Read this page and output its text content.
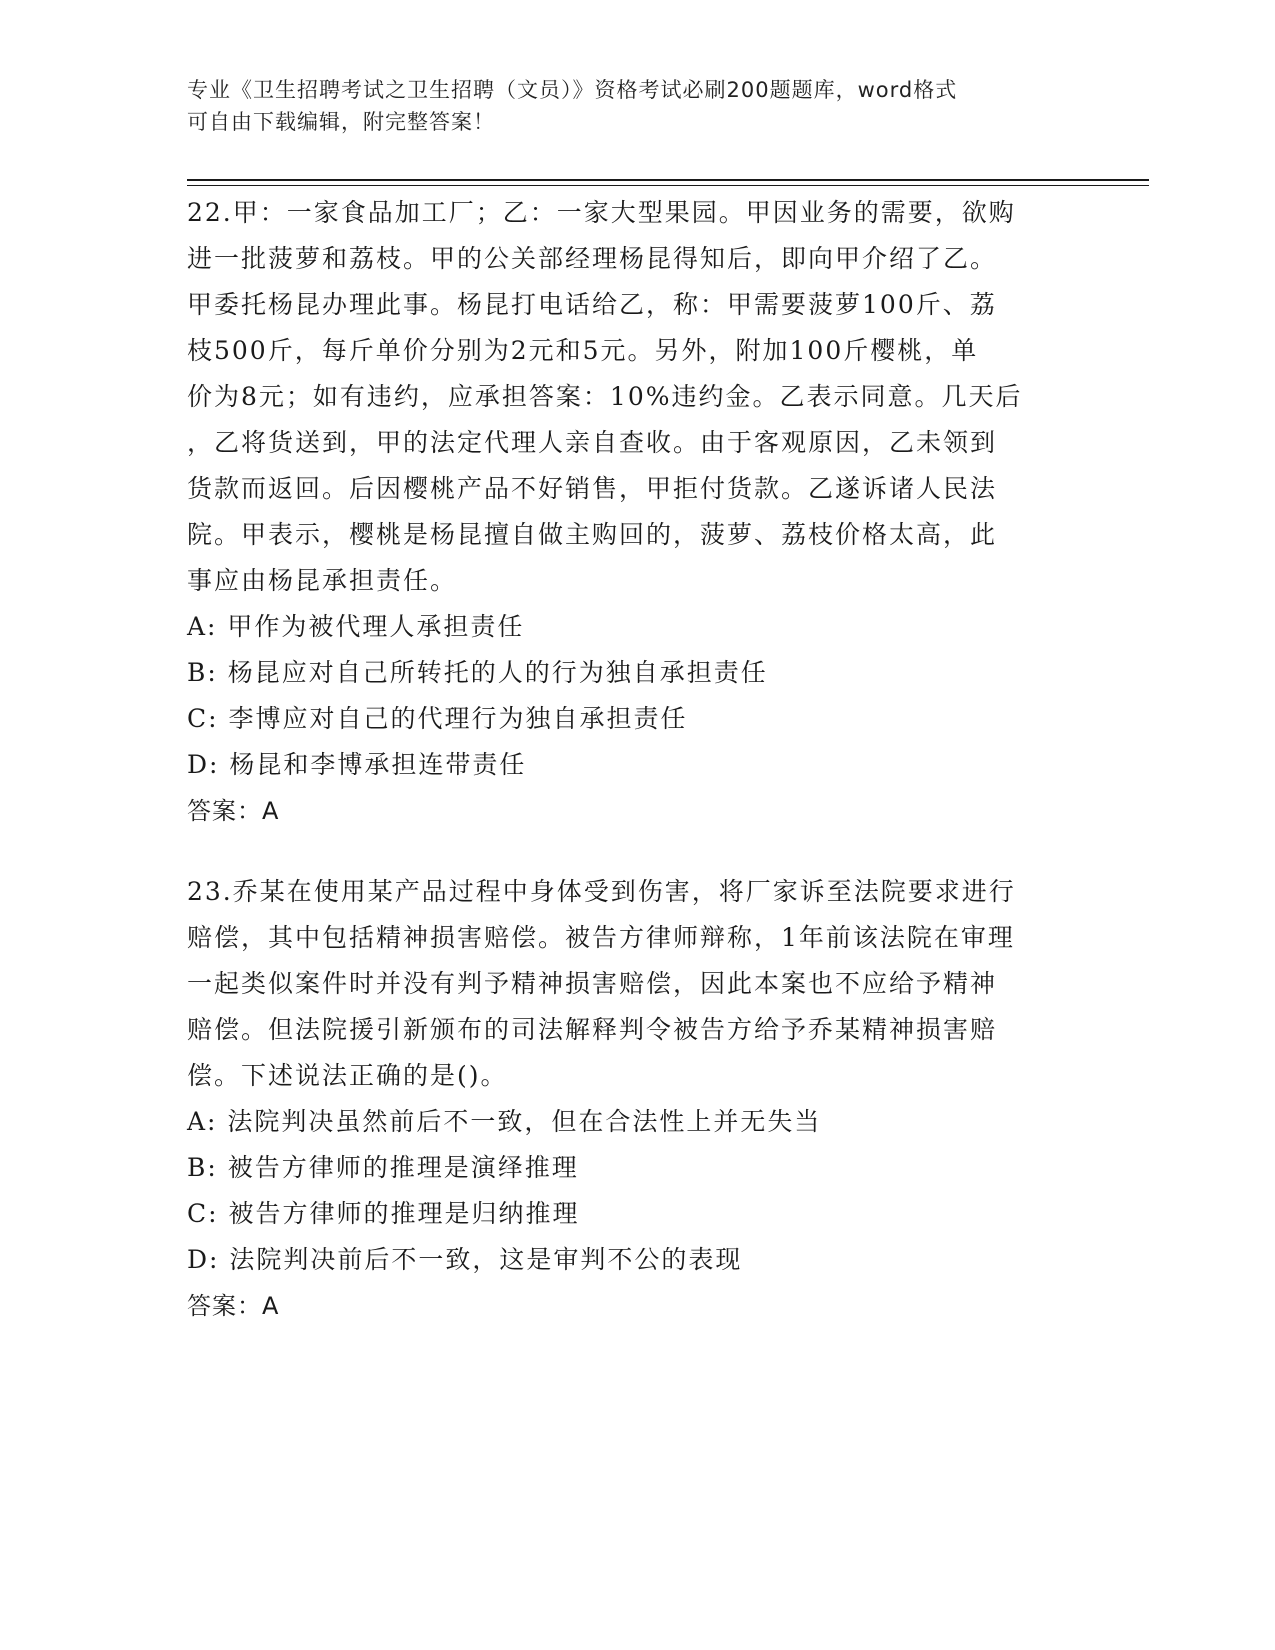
专业《卫生招聘考试之卫生招聘（文员）》资格考试必刷200题题库，word格式
可自由下载编辑，附完整答案！
22.甲：一家食品加工厂；乙：一家大型果园。甲因业务的需要，欲购
进一批菠萝和荔枝。甲的公关部经理杨昆得知后，即向甲介绍了乙。
甲委托杨昆办理此事。杨昆打电话给乙，称：甲需要菠萝100斤、荔
枝500斤，每斤单价分别为2元和5元。另外，附加100斤樱桃，单
价为8元；如有违约，应承担答案：10%违约金。乙表示同意。几天后
，乙将货送到，甲的法定代理人亲自查收。由于客观原因，乙未领到
货款而返回。后因樱桃产品不好销售，甲拒付货款。乙遂诉诸人民法
院。甲表示，樱桃是杨昆擅自做主购回的，菠萝、荔枝价格太高，此
事应由杨昆承担责任。
A: 甲作为被代理人承担责任
B: 杨昆应对自己所转托的人的行为独自承担责任
C: 李博应对自己的代理行为独自承担责任
D: 杨昆和李博承担连带责任
答案：A
23.乔某在使用某产品过程中身体受到伤害，将厂家诉至法院要求进行
赔偿，其中包括精神损害赔偿。被告方律师辩称，1年前该法院在审理
一起类似案件时并没有判予精神损害赔偿，因此本案也不应给予精神
赔偿。但法院援引新颁布的司法解释判令被告方给予乔某精神损害赔
偿。下述说法正确的是()。
A: 法院判决虽然前后不一致，但在合法性上并无失当
B: 被告方律师的推理是演绎推理
C: 被告方律师的推理是归纳推理
D: 法院判决前后不一致，这是审判不公的表现
答案：A
